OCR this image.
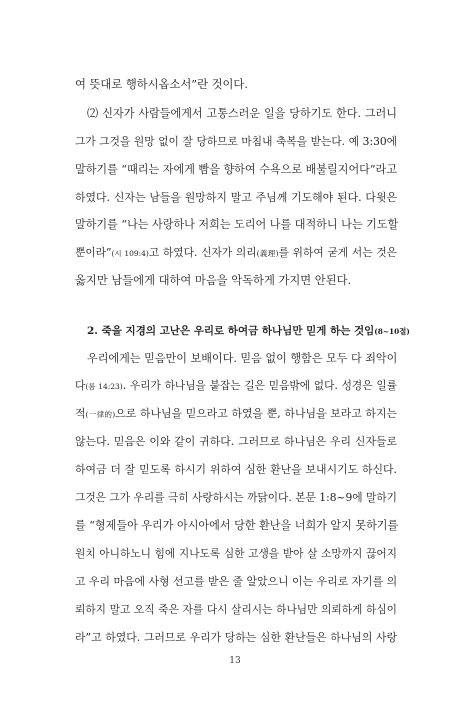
여 뜻대로 행하시옵소서”란 것이다.
⑵ 신자가 사람들에게서 고통스러운 일을 당하기도 한다. 그러니
그가 그것을 원망 없이 잘 당하므로 마침내 축복을 받는다. 예 3:30에
말하기를 “때리는 자에게 빰을 향하여 수욕으로 배불릴지어다”라고
하였다. 신자는 남들을 원망하지 말고 주님께 기도해야 된다. 다윗은
말하기를 “나는 사랑하나 저희는 도리어 나를 대적하니 나는 기도할
뿐이라”(시 109:4)고 하였다. 신자가 의리(義理)를 위하여 굳게 서는 것은
옳지만 남들에게 대하여 마음을 악독하게 가지면 안된다.
2. 죽을 지경의 고난은 우리로 하여금 하나님만 믿게 하는 것임(8~10절)
우리에게는 믿음만이 보배이다. 믿음 없이 행함은 모두 다 죄악이
다(롬 14:23). 우리가 하나님을 붙잡는 길은 믿음밖에 없다. 성경은 일률
적(一律的)으로 하나님을 믿으라고 하였을 뿐, 하나님을 보라고 하지는
않는다. 믿음은 이와 같이 귀하다. 그러므로 하나님은 우리 신자들로
하여금 더 잘 믿도록 하시기 위하여 심한 환난을 보내시기도 하신다.
그것은 그가 우리를 극히 사랑하시는 까닭이다. 본문 1:8~9에 말하기
를 “형제들아 우리가 아시아에서 당한 환난을 너희가 알지 못하기를
원치 아니하노니 힘에 지나도록 심한 고생을 받아 살 소망까지 끊어지
고 우리 마음에 사형 선고를 받은 줄 알았으니 이는 우리로 자기를 의
뢰하지 말고 오직 죽은 자를 다시 살리시는 하나님만 의뢰하게 하심이
라”고 하였다. 그러므로 우리가 당하는 심한 환난들은 하나님의 사랑
13
